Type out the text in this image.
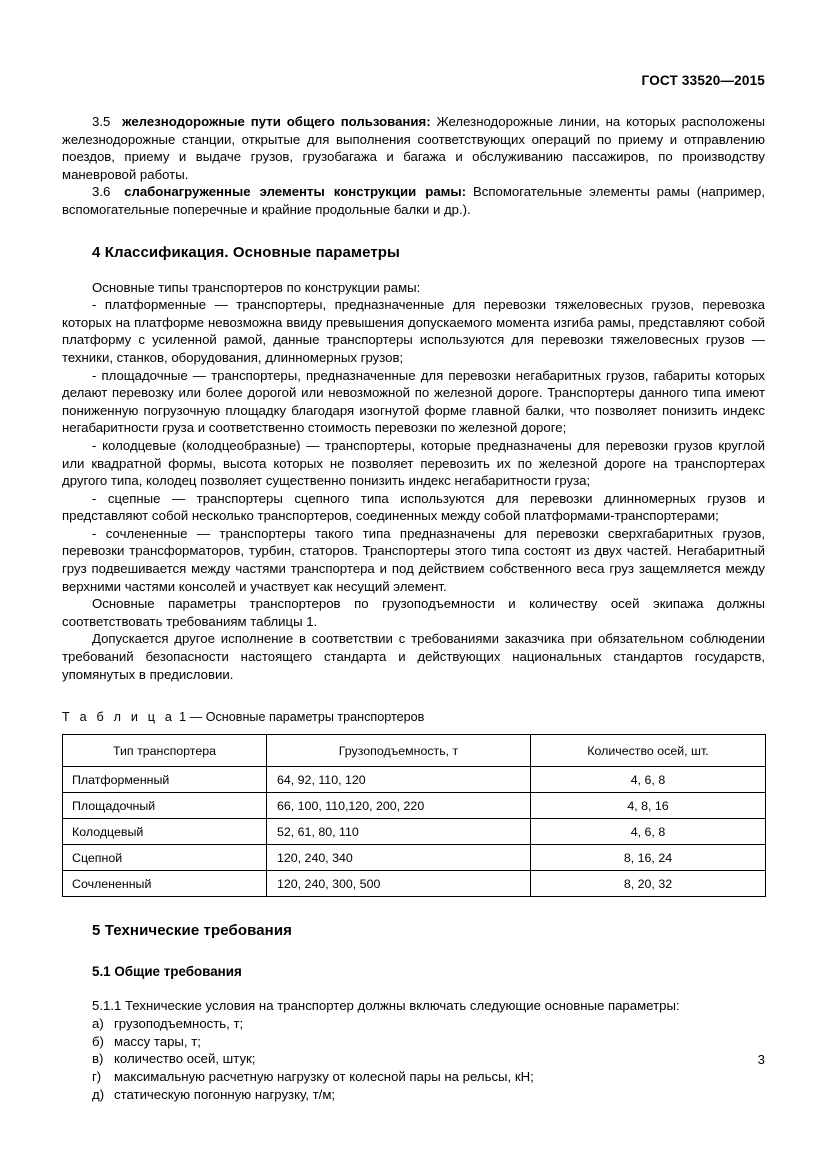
ГОСТ 33520—2015

3.5 железнодорожные пути общего пользования: Железнодорожные линии, на которых расположены железнодорожные станции, открытые для выполнения соответствующих операций по приему и отправлению поездов, приему и выдаче грузов, грузобагажа и багажа и обслуживанию пассажиров, по производству маневровой работы.

3.6 слабонагруженные элементы конструкции рамы: Вспомогательные элементы рамы (например, вспомогательные поперечные и крайние продольные балки и др.).

4 Классификация. Основные параметры

Основные типы транспортеров по конструкции рамы:

- платформенные — транспортеры, предназначенные для перевозки тяжеловесных грузов, перевозка которых на платформе невозможна ввиду превышения допускаемого момента изгиба рамы, представляют собой платформу с усиленной рамой, данные транспортеры используются для перевозки тяжеловесных грузов — техники, станков, оборудования, длинномерных грузов;

- площадочные — транспортеры, предназначенные для перевозки негабаритных грузов, габариты которых делают перевозку или более дорогой или невозможной по железной дороге. Транспортеры данного типа имеют пониженную погрузочную площадку благодаря изогнутой форме главной балки, что позволяет понизить индекс негабаритности груза и соответственно стоимость перевозки по железной дороге;

- колодцевые (колодцеобразные) — транспортеры, которые предназначены для перевозки грузов круглой или квадратной формы, высота которых не позволяет перевозить их по железной дороге на транспортерах другого типа, колодец позволяет существенно понизить индекс негабаритности груза;

- сцепные — транспортеры сцепного типа используются для перевозки длинномерных грузов и представляют собой несколько транспортеров, соединенных между собой платформами-транспортерами;

- сочлененные — транспортеры такого типа предназначены для перевозки сверхгабаритных грузов, перевозки трансформаторов, турбин, статоров. Транспортеры этого типа состоят из двух частей. Негабаритный груз подвешивается между частями транспортера и под действием собственного веса груз защемляется между верхними частями консолей и участвует как несущий элемент.

Основные параметры транспортеров по грузоподъемности и количеству осей экипажа должны соответствовать требованиям таблицы 1.

Допускается другое исполнение в соответствии с требованиями заказчика при обязательном соблюдении требований безопасности настоящего стандарта и действующих национальных стандартов государств, упомянутых в предисловии.

Т а б л и ц а 1 — Основные параметры транспортеров
Тип транспортера	Грузоподъемность, т	Количество осей, шт.
Платформенный	64, 92, 110, 120	4, 6, 8
Площадочный	66, 100, 110,120, 200, 220	4, 8, 16
Колодцевый	52, 61, 80, 110	4, 6, 8
Сцепной	120, 240, 340	8, 16, 24
Сочлененный	120, 240, 300, 500	8, 20, 32
5 Технические требования
5.1 Общие требования

5.1.1 Технические условия на транспортер должны включать следующие основные параметры:

а) грузоподъемность, т;
б) массу тары, т;
в) количество осей, штук;
г) максимальную расчетную нагрузку от колесной пары на рельсы, кН;
д) статическую погонную нагрузку, т/м;
3
